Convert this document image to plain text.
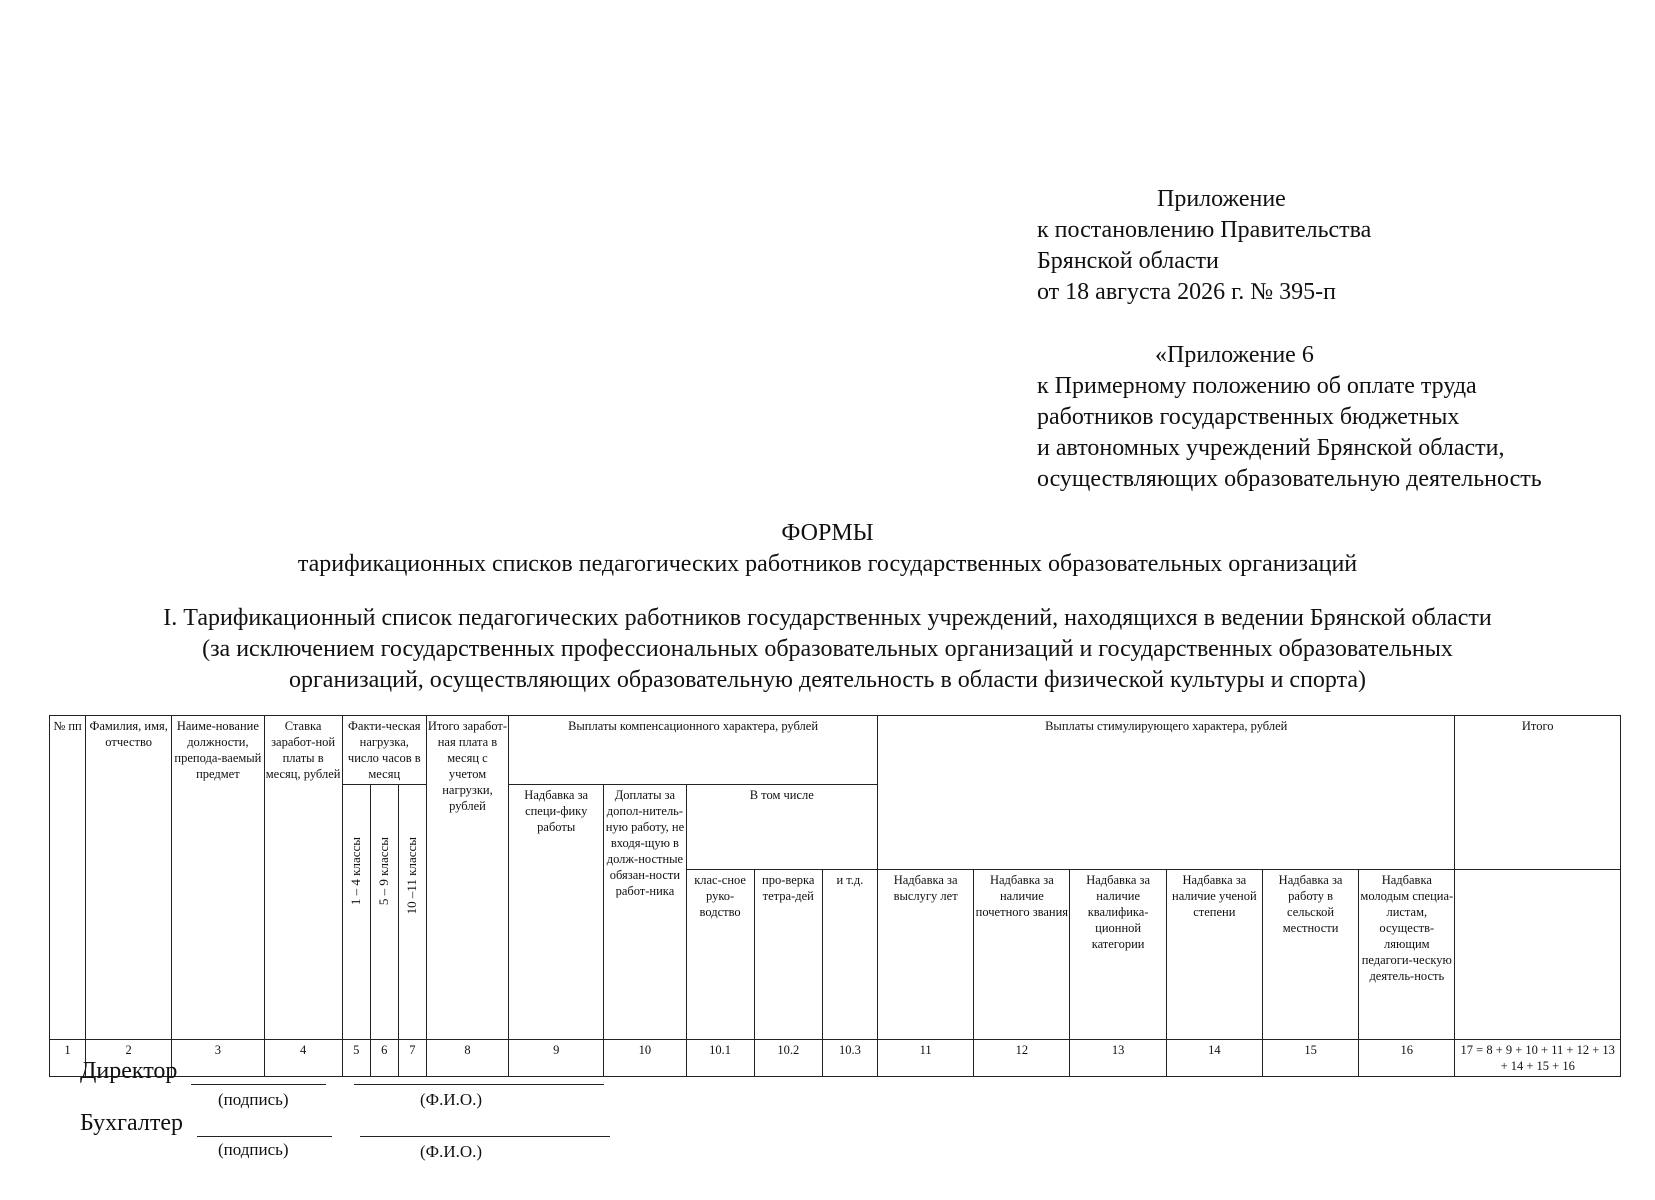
Приложение
к постановлению Правительства
Брянской области
от 18 августа 2026 г. № 395-п
«Приложение 6
к Примерному положению об оплате труда
работников государственных бюджетных
и автономных учреждений Брянской области,
осуществляющих образовательную деятельность
ФОРМЫ
тарификационных списков педагогических работников государственных образовательных организаций
I. Тарификационный список педагогических работников государственных учреждений, находящихся в ведении Брянской области
(за исключением государственных профессиональных образовательных организаций и государственных образовательных
организаций, осуществляющих образовательную деятельность в области физической культуры и спорта)
№ пп	Фамилия, имя, отчество	Наиме-нование должности, препода-ваемый предмет	Ставка заработ-ной платы в месяц, рублей	Факти-ческая нагрузка, число часов в месяц			Итого заработ-ная плата в месяц с учетом нагрузки, рублей	Выплаты компенсационного характера, рублей					Выплаты стимулирующего характера, рублей						Итого

				1 – 4 классы	5 – 9 классы	10 –11 классы		Надбавка за специ-фику работы	Доплаты за допол-нитель-ную работу, не входя-щую в долж-ностные обязан-ности работ-ника	В том числе									
										клас-сное руко-водство	про-верка тетра-дей	и т.д.	Надбавка за выслугу лет	Надбавка за наличие почетного звания	Надбавка за наличие квалифика-ционной категории	Надбавка за наличие ученой степени	Надбавка за работу в сельской местности	Надбавка молодым специа-листам, осуществ-ляющим педагоги-ческую деятель-ность	
1	2	3	4	5	6	7	8	9	10	10.1	10.2	10.3	11	12	13	14	15	16	17 = 8 + 9 + 10 + 11 + 12 + 13 + 14 + 15 + 16
Директор
(подпись)	(Ф.И.О.)
Бухгалтер
(подпись)	(Ф.И.О.)
